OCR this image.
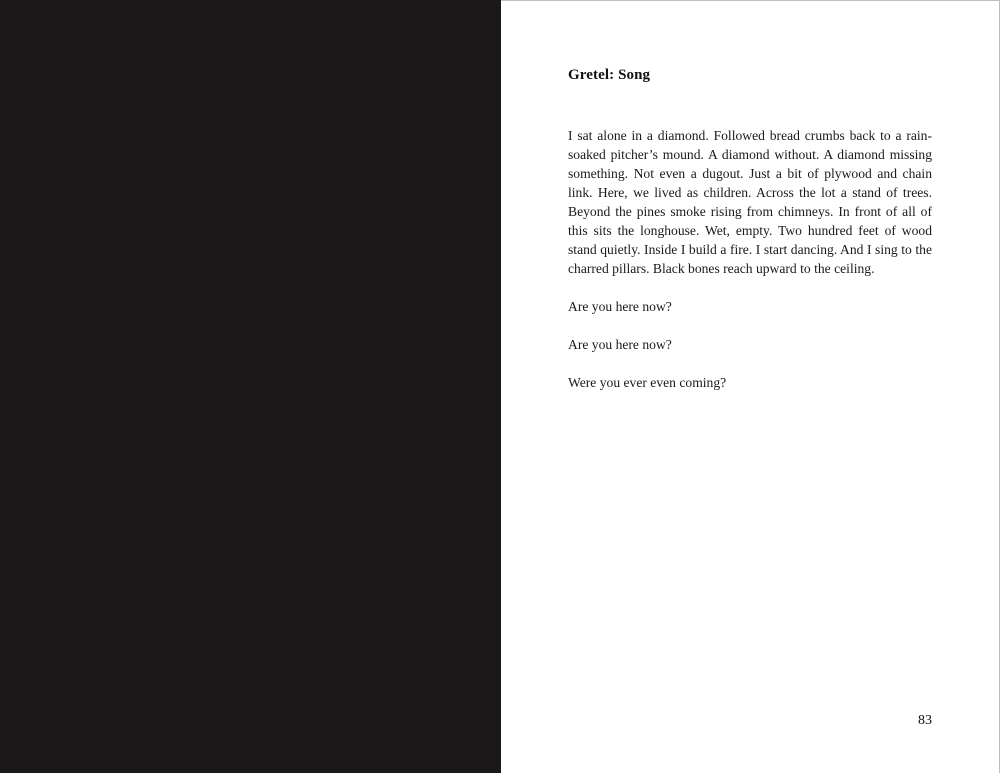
Gretel: Song

I sat alone in a diamond. Followed bread crumbs back to a rain-soaked pitcher’s mound. A diamond without. A diamond missing something. Not even a dugout. Just a bit of plywood and chain link. Here, we lived as children. Across the lot a stand of trees. Beyond the pines smoke rising from chimneys. In front of all of this sits the longhouse. Wet, empty. Two hundred feet of wood stand quietly. Inside I build a fire. I start dancing. And I sing to the charred pillars. Black bones reach upward to the ceiling.

Are you here now?

Are you here now?

Were you ever even coming?

83
